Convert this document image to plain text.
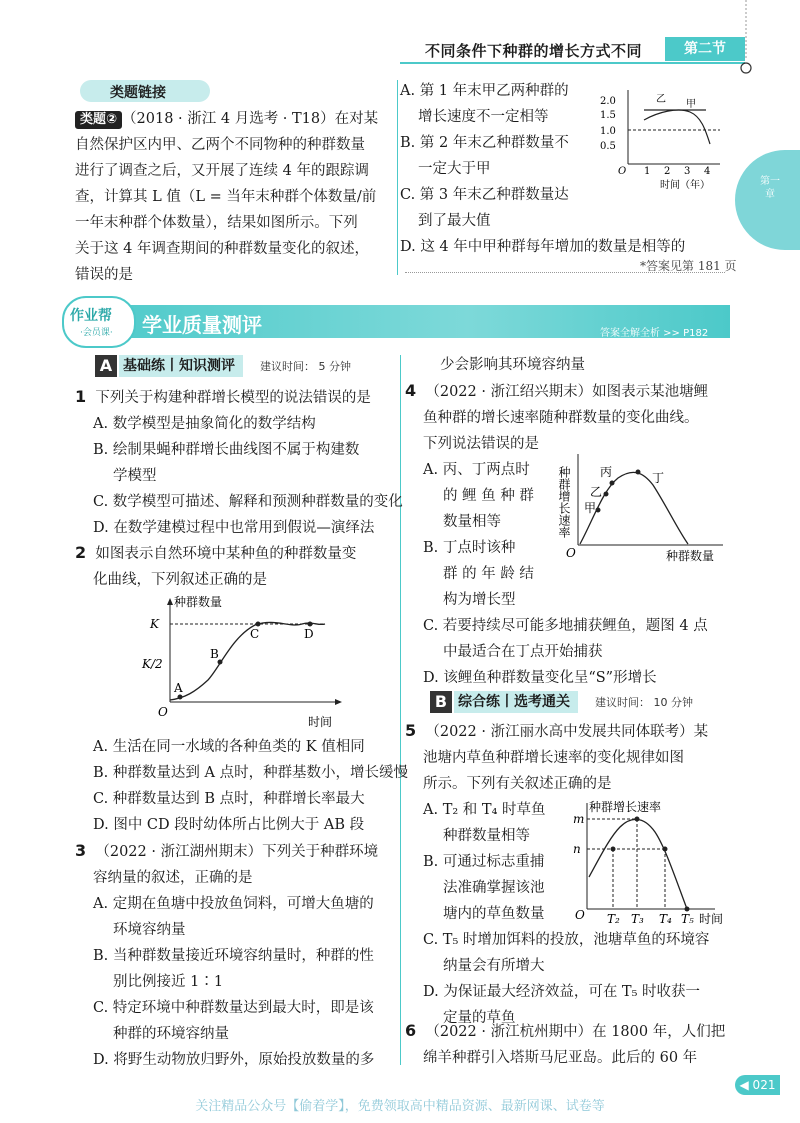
不同条件下种群的增长方式不同	第二节
第一章
类题链接
类题② （2018 · 浙江 4 月选考 · T18）在对某
自然保护区内甲、乙两个不同物种的种群数量
进行了调查之后，又开展了连续 4 年的跟踪调
查，计算其 L 值（L = 当年末种群个体数量/前
一年末种群个体数量），结果如图所示。下列
关于这 4 年调查期间的种群数量变化的叙述，
错误的是
A. 第 1 年末甲乙两种群的
增长速度不一定相等
B. 第 2 年末乙种群数量不
一定大于甲
C. 第 3 年末乙种群数量达
到了最大值
D. 这 4 年中甲种群每年增加的数量是相等的
2.0
1.5
1.0
0.5
O 1 2 3 4
时间（年）
乙 甲
*答案见第 181 页
作业帮
·会员课· 学业质量测评	答案全解全析 >> P182
A 基础练丨知识测评	建议时间： 5 分钟
1 下列关于构建种群增长模型的说法错误的是
A. 数学模型是抽象简化的数学结构
B. 绘制果蝇种群增长曲线图不属于构建数
学模型
C. 数学模型可描述、解释和预测种群数量的变化
D. 在数学建模过程中也常用到假说—演绎法
2 如图表示自然环境中某种鱼的种群数量变
化曲线，下列叙述正确的是
种群数量
K
K/2
O
时间
A
B
C	D
A. 生活在同一水域的各种鱼类的 K 值相同
B. 种群数量达到 A 点时，种群基数小，增长缓慢
C. 种群数量达到 B 点时，种群增长率最大
D. 图中 CD 段时幼体所占比例大于 AB 段
3 （2022 · 浙江湖州期末）下列关于种群环境
容纳量的叙述，正确的是
A. 定期在鱼塘中投放鱼饲料，可增大鱼塘的
环境容纳量
B. 当种群数量接近环境容纳量时，种群的性
别比例接近 1∶1
C. 特定环境中种群数量达到最大时，即是该
种群的环境容纳量
D. 将野生动物放归野外，原始投放数量的多
少会影响其环境容纳量
4 （2022 · 浙江绍兴期末）如图表示某池塘鲤
鱼种群的增长速率随种群数量的变化曲线。
下列说法错误的是
A. 丙、丁两点时
的 鲤 鱼 种 群
数量相等
B. 丁点时该种
群 的 年 龄 结
构为增长型
C. 若要持续尽可能多地捕获鲤鱼，题图 4 点
中最适合在丁点开始捕获
D. 该鲤鱼种群数量变化呈“S”形增长
种群增长速率
O	种群数量
甲
乙
丙	丁
B 综合练丨选考通关	建议时间： 10 分钟
5 （2022 · 浙江丽水高中发展共同体联考）某
池塘内草鱼种群增长速率的变化规律如图
所示。下列有关叙述正确的是
A. T₂ 和 T₄ 时草鱼
种群数量相等
B. 可通过标志重捕
法准确掌握该池
塘内的草鱼数量
C. T₅ 时增加饵料的投放，池塘草鱼的环境容
纳量会有所增大
D. 为保证最大经济效益，可在 T₅ 时收获一
定量的草鱼
种群增长速率
m
n
O T₂ T₃ T₄ T₅ 时间
6 （2022 · 浙江杭州期中）在 1800 年，人们把
绵羊种群引入塔斯马尼亚岛。此后的 60 年
◀ 021
关注精品公众号【偷着学】，免费领取高中精品资源、最新网课、试卷等
